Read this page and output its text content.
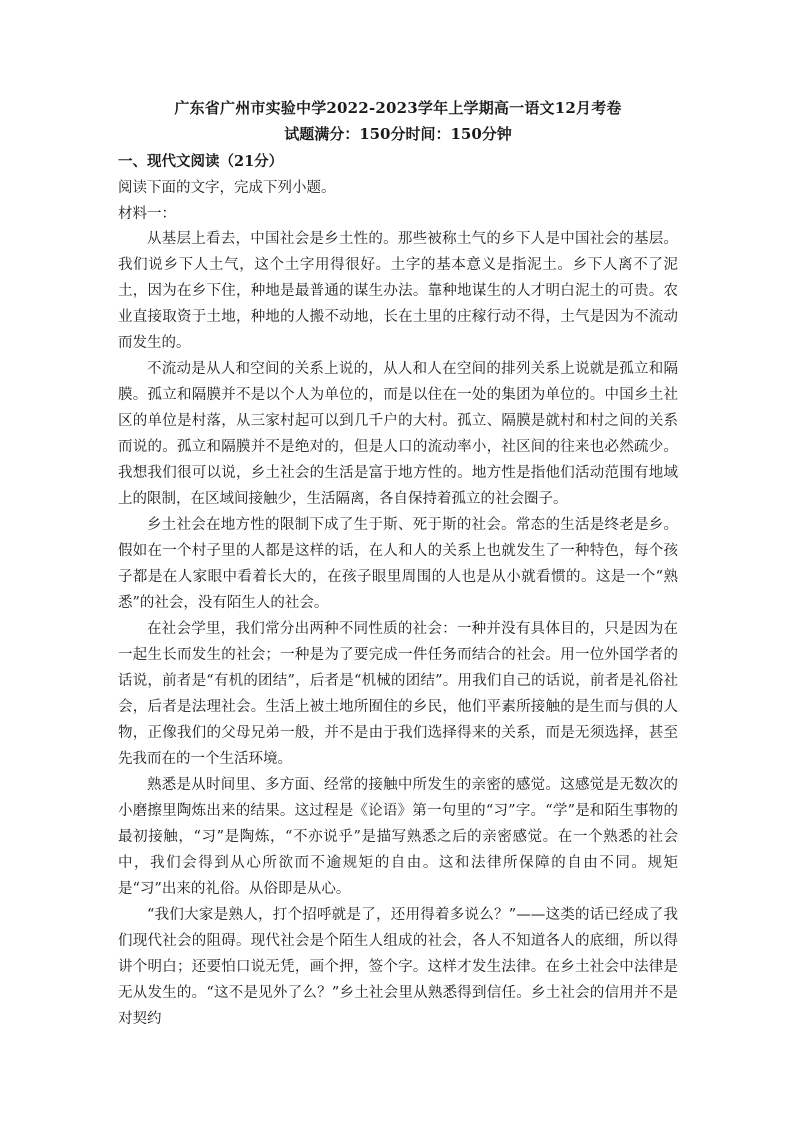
广东省广州市实验中学2022-2023学年上学期高一语文12月考卷

试题满分：150分时间：150分钟

一、现代文阅读（21分）

阅读下面的文字，完成下列小题。

材料一：

从基层上看去，中国社会是乡土性的。那些被称土气的乡下人是中国社会的基层。我们说乡下人土气，这个土字用得很好。土字的基本意义是指泥土。乡下人离不了泥土，因为在乡下住，种地是最普通的谋生办法。靠种地谋生的人才明白泥土的可贵。农业直接取资于土地，种地的人搬不动地，长在土里的庄稼行动不得，土气是因为不流动而发生的。

不流动是从人和空间的关系上说的，从人和人在空间的排列关系上说就是孤立和隔膜。孤立和隔膜并不是以个人为单位的，而是以住在一处的集团为单位的。中国乡土社区的单位是村落，从三家村起可以到几千户的大村。孤立、隔膜是就村和村之间的关系而说的。孤立和隔膜并不是绝对的，但是人口的流动率小，社区间的往来也必然疏少。我想我们很可以说，乡土社会的生活是富于地方性的。地方性是指他们活动范围有地域上的限制，在区域间接触少，生活隔离，各自保持着孤立的社会圈子。

乡土社会在地方性的限制下成了生于斯、死于斯的社会。常态的生活是终老是乡。假如在一个村子里的人都是这样的话，在人和人的关系上也就发生了一种特色，每个孩子都是在人家眼中看着长大的，在孩子眼里周围的人也是从小就看惯的。这是一个“熟悉”的社会，没有陌生人的社会。

在社会学里，我们常分出两种不同性质的社会：一种并没有具体目的，只是因为在一起生长而发生的社会；一种是为了要完成一件任务而结合的社会。用一位外国学者的话说，前者是“有机的团结”，后者是“机械的团结”。用我们自己的话说，前者是礼俗社会，后者是法理社会。生活上被土地所囿住的乡民，他们平素所接触的是生而与俱的人物，正像我们的父母兄弟一般，并不是由于我们选择得来的关系，而是无须选择，甚至先我而在的一个生活环境。

熟悉是从时间里、多方面、经常的接触中所发生的亲密的感觉。这感觉是无数次的小磨擦里陶炼出来的结果。这过程是《论语》第一句里的“习”字。“学”是和陌生事物的最初接触，“习”是陶炼，“不亦说乎”是描写熟悉之后的亲密感觉。在一个熟悉的社会中，我们会得到从心所欲而不逾规矩的自由。这和法律所保障的自由不同。规矩是“习”出来的礼俗。从俗即是从心。

“我们大家是熟人，打个招呼就是了，还用得着多说么？”——这类的话已经成了我们现代社会的阻碍。现代社会是个陌生人组成的社会，各人不知道各人的底细，所以得讲个明白；还要怕口说无凭，画个押，签个字。这样才发生法律。在乡土社会中法律是无从发生的。“这不是见外了么？”乡土社会里从熟悉得到信任。乡土社会的信用并不是对契约
